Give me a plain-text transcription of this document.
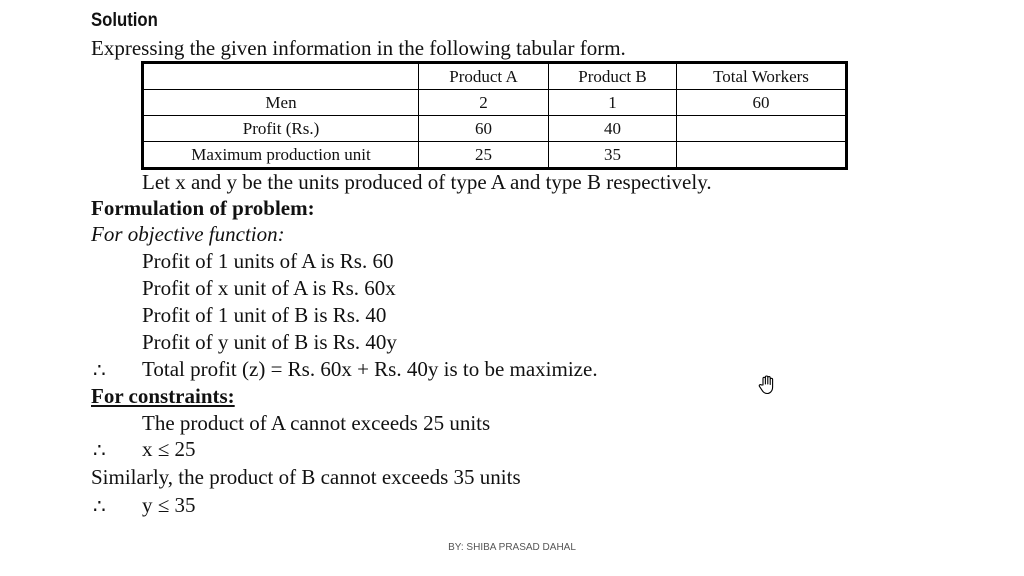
Solution
Expressing the given information in the following tabular form.
	Product A	Product B	Total Workers
Men	2	1	60
Profit (Rs.)	60	40	
Maximum production unit	25	35	
Let x and y be the units produced of type A and type B respectively.
Formulation of problem:
For objective function:
Profit of 1 units of A is Rs. 60
Profit of x unit of A is Rs. 60x
Profit of 1 unit of B is Rs. 40
Profit of y unit of B is Rs. 40y
∴ Total profit (z) = Rs. 60x + Rs. 40y is to be maximize.
For constraints:
The product of A cannot exceeds 25 units
∴ x ≤ 25
Similarly, the product of B cannot exceeds 35 units
∴ y ≤ 35
BY: SHIBA PRASAD DAHAL
